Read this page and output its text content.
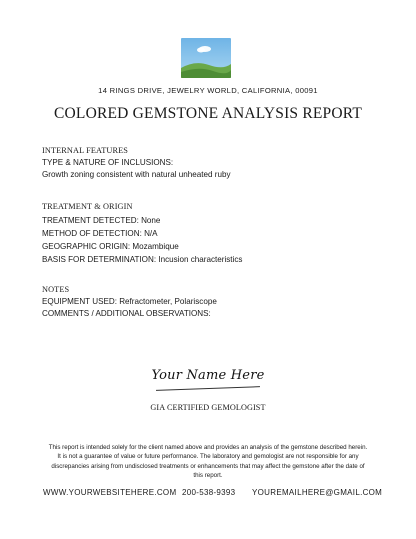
14 RINGS DRIVE, JEWELRY WORLD, CALIFORNIA, 00091
COLORED GEMSTONE ANALYSIS REPORT
INTERNAL FEATURES
TYPE & NATURE OF INCLUSIONS:
Growth zoning consistent with natural unheated ruby
TREATMENT & ORIGIN
TREATMENT DETECTED: None
METHOD OF DETECTION: N/A
GEOGRAPHIC ORIGIN: Mozambique
BASIS FOR DETERMINATION: Incusion characteristics
NOTES
EQUIPMENT USED: Refractometer, Polariscope
COMMENTS / ADDITIONAL OBSERVATIONS:
Your Name Here
GIA CERTIFIED GEMOLOGIST
This report is intended solely for the client named above and provides an analysis of the gemstone described herein. It is not a guarantee of value or future performance. The laboratory and gemologist are not responsible for any discrepancies arising from undisclosed treatments or enhancements that may affect the gemstone after the date of this report.
WWW.YOURWEBSITEHERE.COM 200-538-9393 YOUREMAILHERE@GMAIL.COM
